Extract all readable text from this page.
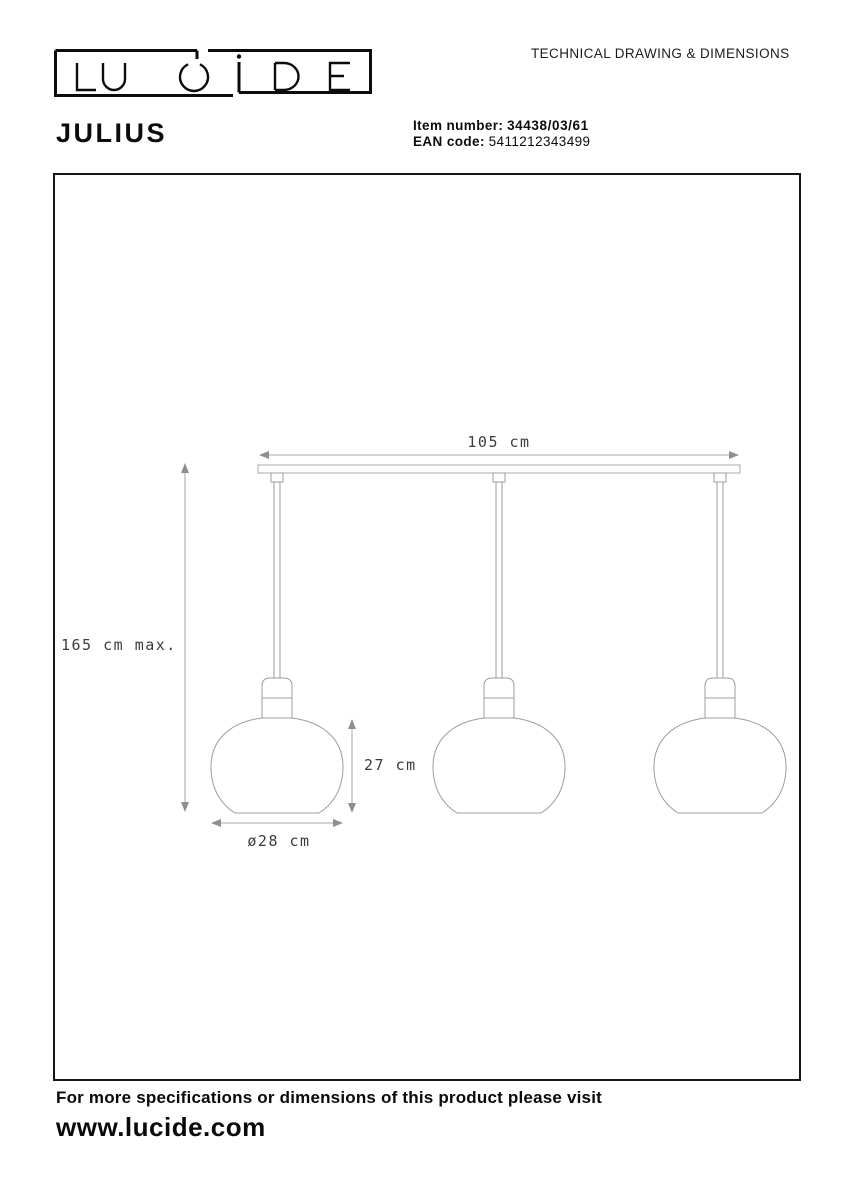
TECHNICAL DRAWING & DIMENSIONS
JULIUS	Item number: 34438/03/61
EAN code: 5411212343499
105 cm
165 cm max.
27 cm
ø28 cm
For more specifications or dimensions of this product please visit
www.lucide.com
